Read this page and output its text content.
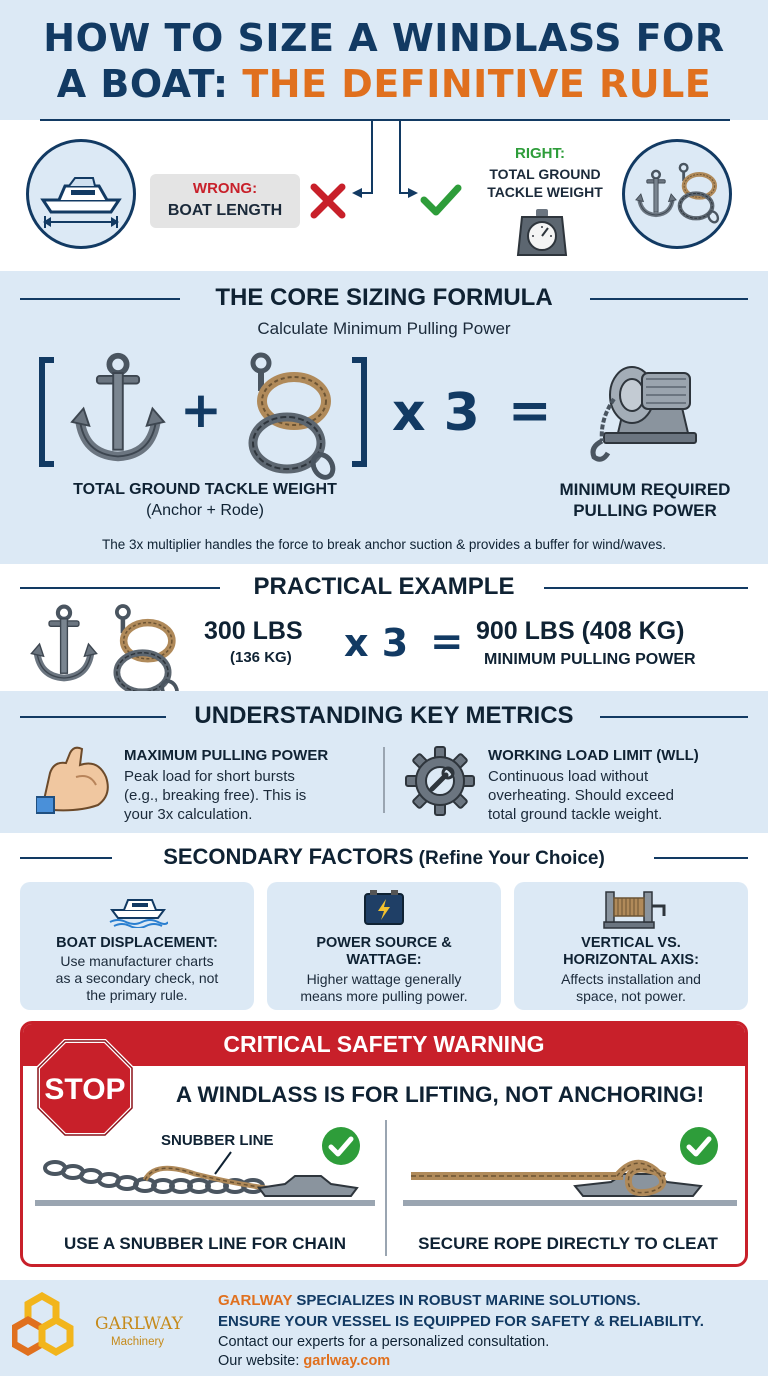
HOW TO SIZE A WINDLASS FOR
A BOAT: THE DEFINITIVE RULE
WRONG:
BOAT LENGTH
RIGHT:
TOTAL GROUND
TACKLE WEIGHT
THE CORE SIZING FORMULA
Calculate Minimum Pulling Power
+	x 3 =
TOTAL GROUND TACKLE WEIGHT
(Anchor + Rode)
MINIMUM REQUIRED
PULLING POWER
The 3x multiplier handles the force to break anchor suction & provides a buffer for wind/waves.
PRACTICAL EXAMPLE
300 LBS
(136 KG) x 3 = 900 LBS (408 KG)
MINIMUM PULLING POWER
UNDERSTANDING KEY METRICS
MAXIMUM PULLING POWER
Peak load for short bursts
(e.g., breaking free). This is
your 3x calculation.
WORKING LOAD LIMIT (WLL)
Continuous load without
overheating. Should exceed
total ground tackle weight.
SECONDARY FACTORS (Refine Your Choice)
BOAT DISPLACEMENT:
Use manufacturer charts
as a secondary check, not
the primary rule.
POWER SOURCE &
WATTAGE:
Higher wattage generally
means more pulling power.
VERTICAL VS.
HORIZONTAL AXIS:
Affects installation and
space, not power.
CRITICAL SAFETY WARNING
STOP	A WINDLASS IS FOR LIFTING, NOT ANCHORING!
SNUBBER LINE
USE A SNUBBER LINE FOR CHAIN	SECURE ROPE DIRECTLY TO CLEAT
GARLWAY
Machinery
GARLWAY SPECIALIZES IN ROBUST MARINE SOLUTIONS.
ENSURE YOUR VESSEL IS EQUIPPED FOR SAFETY & RELIABILITY.
Contact our experts for a personalized consultation.
Our website: garlway.com
